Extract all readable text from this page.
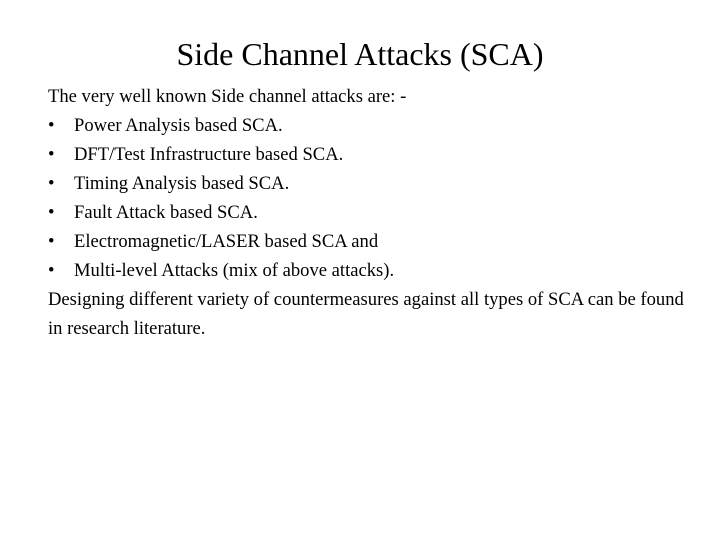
Side Channel Attacks (SCA)
The very well known Side channel attacks are: -
•	Power Analysis based SCA.
•	DFT/Test Infrastructure based SCA.
•	Timing Analysis based SCA.
•	Fault Attack based SCA.
•	Electromagnetic/LASER based SCA and
•	Multi-level Attacks (mix of above attacks).
Designing different variety of countermeasures against all types of SCA can be found in research literature.
